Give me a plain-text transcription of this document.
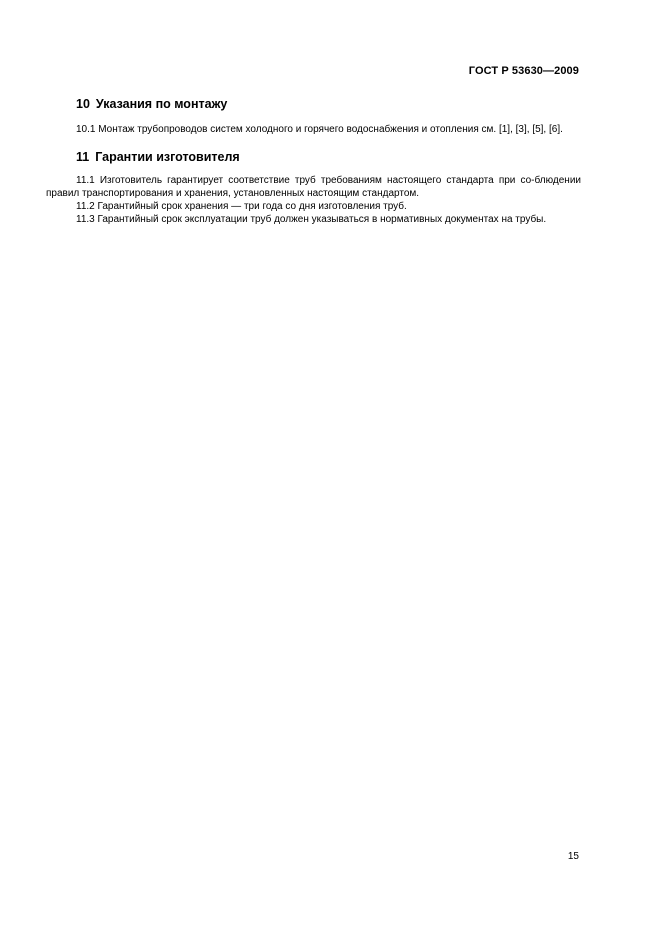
ГОСТ Р 53630—2009
10 Указания по монтажу

10.1 Монтаж трубопроводов систем холодного и горячего водоснабжения и отопления см. [1], [3], [5], [6].

11 Гарантии изготовителя

11.1 Изготовитель гарантирует соответствие труб требованиям настоящего стандарта при со-блюдении правил транспортирования и хранения, установленных настоящим стандартом.

11.2 Гарантийный срок хранения — три года со дня изготовления труб.

11.3 Гарантийный срок эксплуатации труб должен указываться в нормативных документах на трубы.

15
